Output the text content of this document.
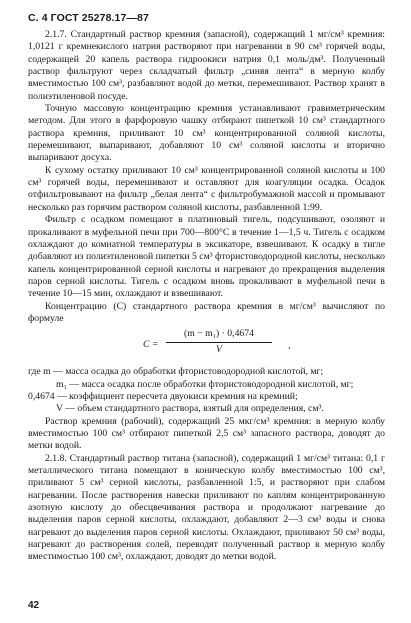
С. 4 ГОСТ 25278.17—87

2.1.7. Стандартный раствор кремния (запасной), содержащий 1 мг/см³ кремния: 1,0121 г кремнекислого натрия растворяют при нагревании в 90 см³ горячей воды, содержащей 20 капель раствора гидроокиси натрия 0,1 моль/дм³. Полученный раствор фильтруют через складчатый фильтр „синяя лента“ в мерную колбу вместимостью 100 см³, разбавляют водой до метки, перемешивают. Раствор хранят в полиэтиленовой посуде.

Точную массовую концентрацию кремния устанавливают гравиметрическим методом. Для этого в фарфоровую чашку отбирают пипеткой 10 см³ стандартного раствора кремния, приливают 10 см³ концентрированной соляной кислоты, перемешивают, выпаривают, добавляют 10 см³ соляной кислоты и вторично выпаривают досуха.

К сухому остатку приливают 10 см³ концентрированной соляной кислоты и 100 см³ горячей воды, перемешивают и оставляют для коагуляции осадка. Осадок отфильтровывают на фильтр „белая лента“ с фильтробумажной массой и промывают несколько раз горячим раствором соляной кислоты, разбавленной 1:99.

Фильтр с осадком помещают в платиновый тигель, подсушивают, озоляют и прокаливают в муфельной печи при 700—800°С в течение 1—1,5 ч. Тигель с осадком охлаждают до комнатной температуры в эксикаторе, взвешивают. К осадку в тигле добавляют из полиэтиленовой пипетки 5 см³ фтористоводородной кислоты, несколько капель концентрированной серной кислоты и нагревают до прекращения выделения паров серной кислоты. Тигель с осадком вновь прокаливают в муфельной печи в течение 10—15 мин, охлаждают и взвешивают.

Концентрацию (С) стандартного раствора кремния в мг/см³ вычисляют по формуле

C =
(m − m₁) · 0,4674
V	,

где m — масса осадка до обработки фтористоводородной кислотой, мг;

m₁ — масса осадка после обработки фтористоводородной кислотой, мг;

0,4674 — коэффициент пересчета двуокиси кремния на кремний;

V — объем стандартного раствора, взятый для определения, см³.

Раствор кремния (рабочий), содержащий 25 мкг/см³ кремния: в мерную колбу вместимостью 100 см³ отбирают пипеткой 2,5 см³ запасного раствора, доводят до метки водой.

2.1.8. Стандартный раствор титана (запасной), содержащий 1 мг/см³ титана: 0,1 г металлического титана помещают в коническую колбу вместимостью 100 см³, приливают 5 см³ серной кислоты, разбавленной 1:5, и растворяют при слабом нагревании. После растворения навески приливают по каплям концентрированную азотную кислоту до обесцвечивания раствора и продолжают нагревание до выделения паров серной кислоты, охлаждают, добавляют 2—3 см³ воды и снова нагревают до выделения паров серной кислоты. Охлаждают, приливают 50 см³ воды, нагревают до растворения солей, переводят полученный раствор в мерную колбу вместимостью 100 см³, охлаждают, доводят до метки водой.

42
